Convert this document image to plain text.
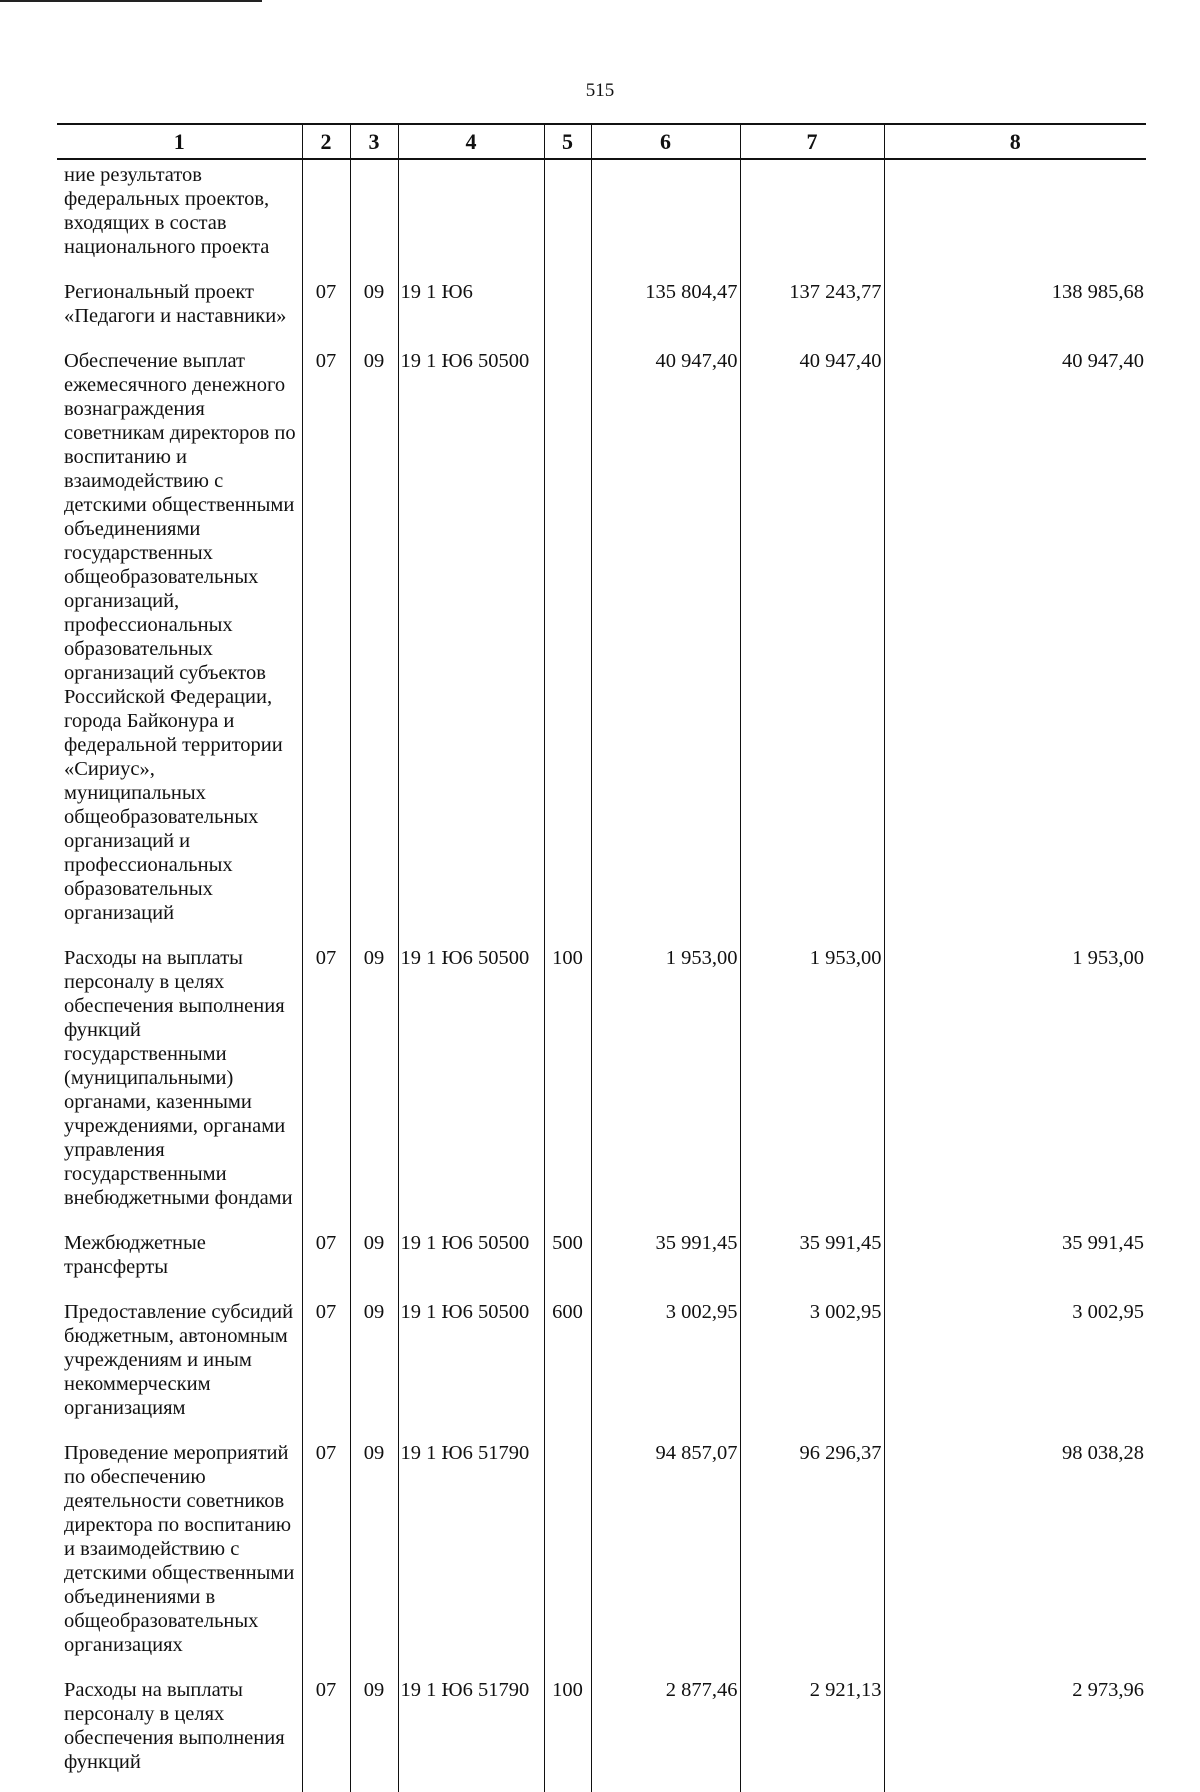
515
1	2	3	4	5	6	7	8
ние результатов федеральных проектов, входящих в состав национального проекта							
Региональный проект «Педагоги и наставники»	07	09	19 1 Ю6		135 804,47	137 243,77	138 985,68
Обеспечение выплат ежемесячного денежного вознаграждения советникам директоров по воспитанию и взаимодействию с детскими общественными объединениями государственных общеобразовательных организаций, профессиональных образовательных организаций субъектов Российской Федерации, города Байконура и федеральной территории «Сириус», муниципальных общеобразовательных организаций и профессиональных образовательных организаций	07	09	19 1 Ю6 50500		40 947,40	40 947,40	40 947,40
Расходы на выплаты персоналу в целях обеспечения выполнения функций государственными (муниципальными) органами, казенными учреждениями, органами управления государственными внебюджетными фондами	07	09	19 1 Ю6 50500	100	1 953,00	1 953,00	1 953,00
Межбюджетные трансферты	07	09	19 1 Ю6 50500	500	35 991,45	35 991,45	35 991,45
Предоставление субсидий бюджетным, автономным учреждениям и иным некоммерческим организациям	07	09	19 1 Ю6 50500	600	3 002,95	3 002,95	3 002,95
Проведение мероприятий по обеспечению деятельности советников директора по воспитанию и взаимодействию с детскими общественными объединениями в общеобразовательных организациях	07	09	19 1 Ю6 51790		94 857,07	96 296,37	98 038,28
Расходы на выплаты персоналу в целях обеспечения выполнения функций	07	09	19 1 Ю6 51790	100	2 877,46	2 921,13	2 973,96
